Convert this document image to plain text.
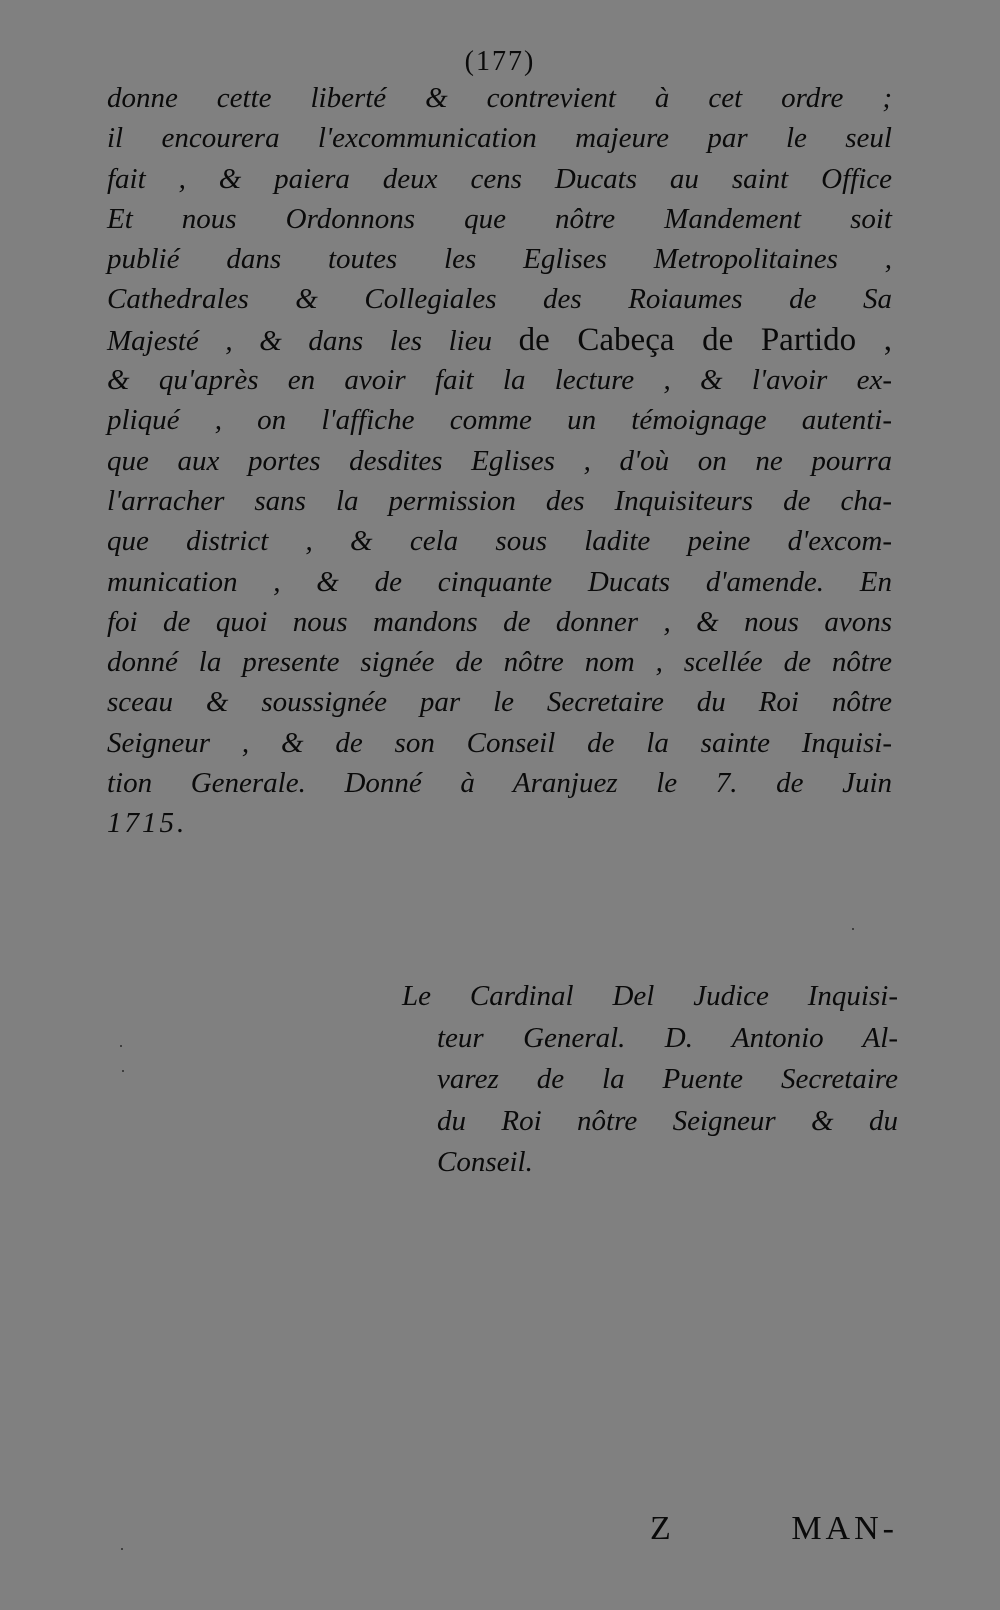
(177)
donne cette liberté & contrevient à cet ordre ;
il encourera l'excommunication majeure par le seul
fait , & paiera deux cens Ducats au saint Office
Et nous Ordonnons que nôtre Mandement soit
publié dans toutes les Eglises Metropolitaines ,
Cathedrales & Collegiales des Roiaumes de Sa
Majesté , & dans les lieu de Cabeça de Partido ,
& qu'après en avoir fait la lecture , & l'avoir ex-
pliqué , on l'affiche comme un témoignage autenti-
que aux portes desdites Eglises , d'où on ne pourra
l'arracher sans la permission des Inquisiteurs de cha-
que district , & cela sous ladite peine d'excom-
munication , & de cinquante Ducats d'amende. En
foi de quoi nous mandons de donner , & nous avons
donné la presente signée de nôtre nom , scellée de nôtre
sceau & soussignée par le Secretaire du Roi nôtre
Seigneur , & de son Conseil de la sainte Inquisi-
tion Generale. Donné à Aranjuez le 7. de Juin
1715.
Le Cardinal Del Judice Inquisi-
teur General. D. Antonio Al-
varez de la Puente Secretaire
du Roi nôtre Seigneur & du
Conseil.
Z	MAN-
